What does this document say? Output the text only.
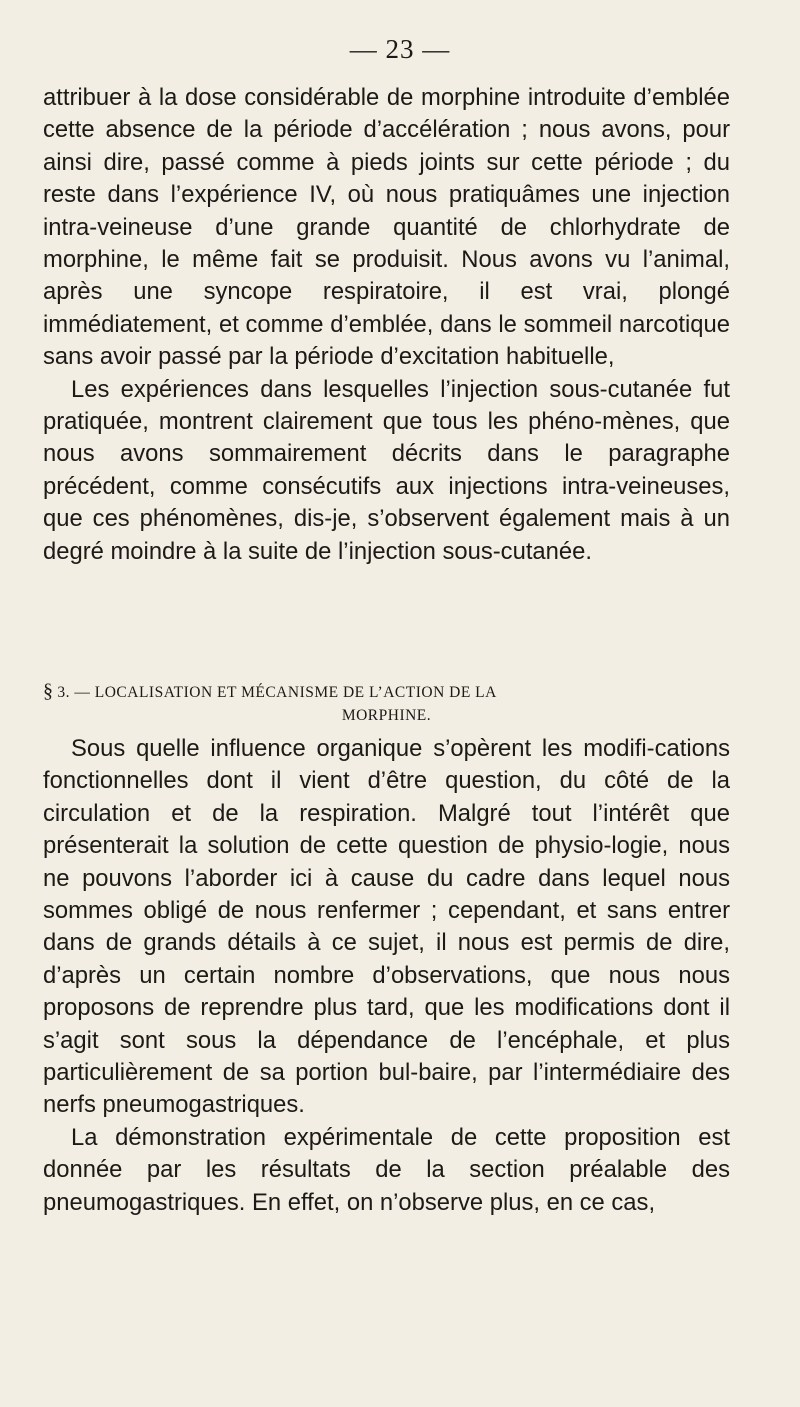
— 23 —

attribuer à la dose considérable de morphine introduite d’emblée cette absence de la période d’accélération ; nous avons, pour ainsi dire, passé comme à pieds joints sur cette période ; du reste dans l’expérience IV, où nous pratiquâmes une injection intra-veineuse d’une grande quantité de chlorhydrate de morphine, le même fait se produisit. Nous avons vu l’animal, après une syncope respiratoire, il est vrai, plongé immédiatement, et comme d’emblée, dans le sommeil narcotique sans avoir passé par la période d’excitation habituelle,

Les expériences dans lesquelles l’injection sous-cutanée fut pratiquée, montrent clairement que tous les phéno-mènes, que nous avons sommairement décrits dans le paragraphe précédent, comme consécutifs aux injections intra-veineuses, que ces phénomènes, dis-je, s’observent également mais à un degré moindre à la suite de l’injection sous-cutanée.

§ 3. — LOCALISATION ET MÉCANISME DE L’ACTION DE LA
MORPHINE.

Sous quelle influence organique s’opèrent les modifi-cations fonctionnelles dont il vient d’être question, du côté de la circulation et de la respiration. Malgré tout l’intérêt que présenterait la solution de cette question de physio-logie, nous ne pouvons l’aborder ici à cause du cadre dans lequel nous sommes obligé de nous renfermer ; cependant, et sans entrer dans de grands détails à ce sujet, il nous est permis de dire, d’après un certain nombre d’observations, que nous nous proposons de reprendre plus tard, que les modifications dont il s’agit sont sous la dépendance de l’encéphale, et plus particulièrement de sa portion bul-baire, par l’intermédiaire des nerfs pneumogastriques.

La démonstration expérimentale de cette proposition est donnée par les résultats de la section préalable des pneumogastriques. En effet, on n’observe plus, en ce cas,
